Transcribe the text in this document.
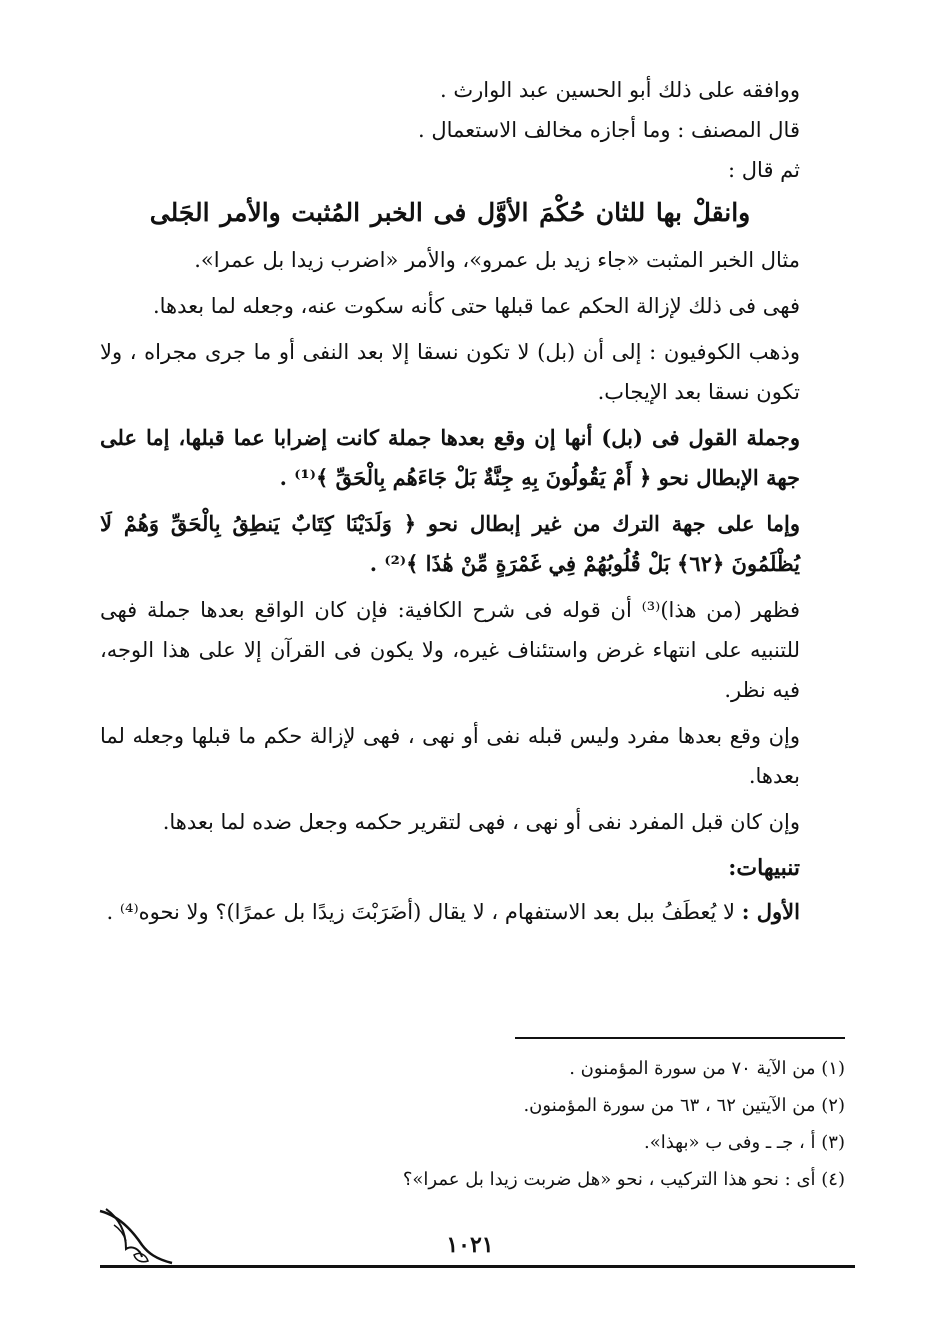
ووافقه على ذلك أبو الحسين عبد الوارث .

قال المصنف : وما أجازه مخالف الاستعمال .

ثم قال :

وانقلْ بها للثان حُكْمَ الأوَّل فى الخبر المُثبت والأمر الجَلى

مثال الخبر المثبت «جاء زيد بل عمرو»، والأمر «اضرب زيدا بل عمرا».

فهى فى ذلك لإزالة الحكم عما قبلها حتى كأنه سكوت عنه، وجعله لما بعدها.

وذهب الكوفيون : إلى أن (بل) لا تكون نسقا إلا بعد النفى أو ما جرى مجراه ، ولا تكون نسقا بعد الإيجاب.

وجملة القول فى (بل) أنها إن وقع بعدها جملة كانت إضرابا عما قبلها، إما على جهة الإبطال نحو ﴿ أَمْ يَقُولُونَ بِهِ جِنَّةٌ بَلْ جَاءَهُم بِالْحَقِّ ﴾⁽¹⁾ .

وإما على جهة الترك من غير إبطال نحو ﴿ وَلَدَيْنَا كِتَابٌ يَنطِقُ بِالْحَقِّ وَهُمْ لَا يُظْلَمُونَ ﴿٦٢﴾ بَلْ قُلُوبُهُمْ فِي غَمْرَةٍ مِّنْ هَٰذَا ﴾⁽²⁾ .

فظهر (من هذا)⁽³⁾ أن قوله فى شرح الكافية: فإن كان الواقع بعدها جملة فهى للتنبيه على انتهاء غرض واستئناف غيره، ولا يكون فى القرآن إلا على هذا الوجه، فيه نظر.

وإن وقع بعدها مفرد وليس قبله نفى أو نهى ، فهى لإزالة حكم ما قبلها وجعله لما بعدها.

وإن كان قبل المفرد نفى أو نهى ، فهى لتقرير حكمه وجعل ضده لما بعدها.

تنبيهات:

الأول : لا يُعطَفُ ببل بعد الاستفهام ، لا يقال (أضَرَبْتَ زيدًا بل عمرًا)؟ ولا نحوه⁽⁴⁾ .

(١) من الآية ٧٠ من سورة المؤمنون .

(٢) من الآيتين ٦٢ ، ٦٣ من سورة المؤمنون.

(٣) أ ، جـ ـ وفى ب «بهذا».

(٤) أى : نحو هذا التركيب ، نحو «هل ضربت زيدا بل عمرا»؟

١٠٢١
